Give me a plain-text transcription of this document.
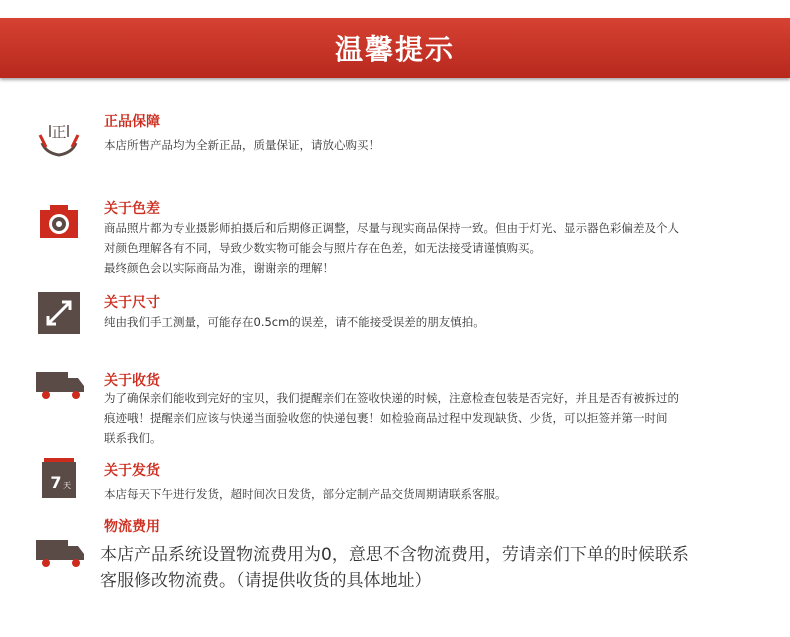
温馨提示
正
正品保障

本店所售产品均为全新正品，质量保证，请放心购买！

关于色差

商品照片都为专业摄影师拍摄后和后期修正调整，尽量与现实商品保持一致。但由于灯光、显示器色彩偏差及个人

对颜色理解各有不同，导致少数实物可能会与照片存在色差，如无法接受请谨慎购买。

最终颜色会以实际商品为准，谢谢亲的理解！

关于尺寸

纯由我们手工测量，可能存在0.5cm的误差，请不能接受误差的朋友慎拍。

关于收货

为了确保亲们能收到完好的宝贝，我们提醒亲们在签收快递的时候，注意检查包装是否完好，并且是否有被拆过的

痕迹哦！提醒亲们应该与快递当面验收您的快递包裹！如检验商品过程中发现缺货、少货，可以拒签并第一时间

联系我们。

7 天
关于发货

本店每天下午进行发货，超时间次日发货，部分定制产品交货周期请联系客服。

物流费用

本店产品系统设置物流费用为0，意思不含物流费用，劳请亲们下单的时候联系

客服修改物流费。（请提供收货的具体地址）
